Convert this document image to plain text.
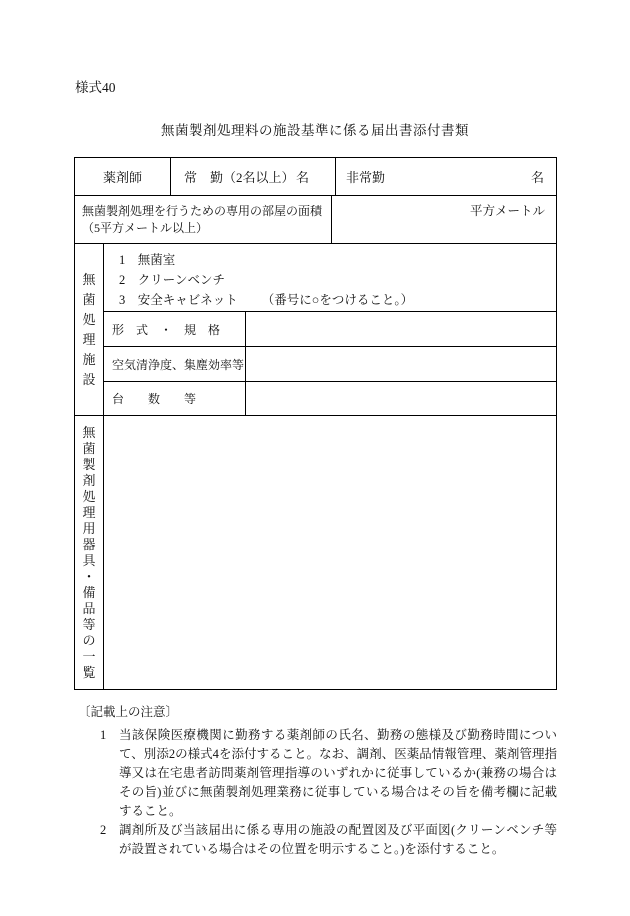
様式40
無菌製剤処理料の施設基準に係る届出書添付書類
薬剤師	常　勤（2名以上） 名	非常勤	名
無菌製剤処理を行うための専用の部屋の面積
（5平方メートル以上）
平方メートル
無
菌
処
理
施
設
1　無菌室
2　クリーンベンチ
3　安全キャビネット （番号に○をつけること。）
形　式　・　規　格
空気清浄度、集塵効率等
台　　数　　等
無
菌
製
剤
処
理
用
器
具
・
備
品
等
の
一
覧
〔記載上の注意〕
1	当該保険医療機関に勤務する薬剤師の氏名、勤務の態様及び勤務時間について、別添2の様式4を添付すること。なお、調剤、医薬品情報管理、薬剤管理指導又は在宅患者訪問薬剤管理指導のいずれかに従事しているか(兼務の場合はその旨)並びに無菌製剤処理業務に従事している場合はその旨を備考欄に記載すること。
2	調剤所及び当該届出に係る専用の施設の配置図及び平面図(クリーンベンチ等が設置されている場合はその位置を明示すること。)を添付すること。
